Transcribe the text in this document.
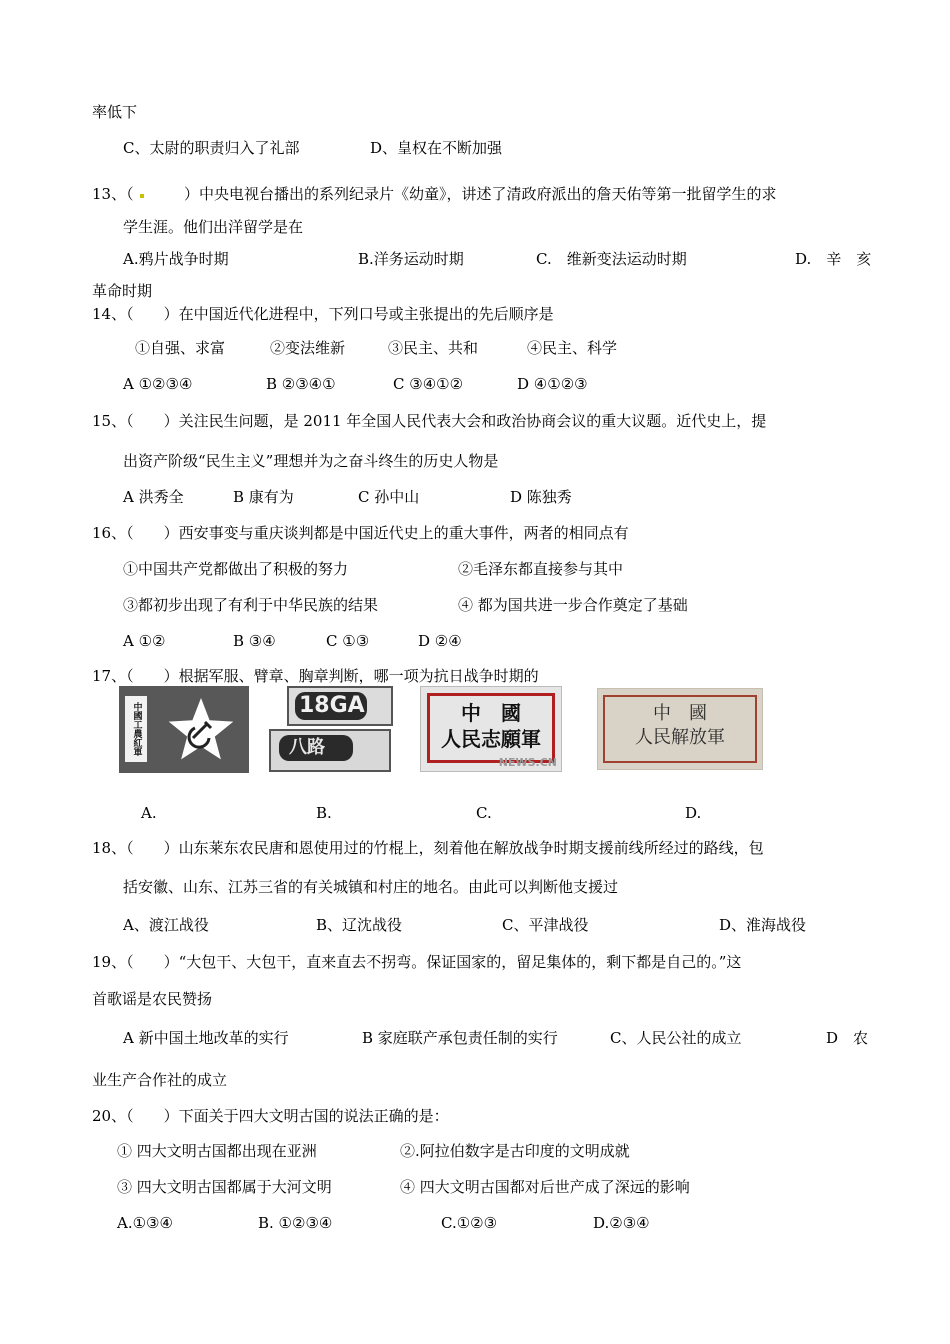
率低下
C、太尉的职责归入了礼部	D、皇权在不断加强
13、（	）中央电视台播出的系列纪录片《幼童》，讲述了清政府派出的詹天佑等第一批留学生的求
学生涯。他们出洋留学是在
A.鸦片战争时期	B.洋务运动时期	C.　维新变法运动时期	D.　辛　亥
革命时期
14、（　　）在中国近代化进程中，下列口号或主张提出的先后顺序是
①自强、求富	②变法维新	③民主、共和	④民主、科学
A ①②③④	B ②③④①	C ③④①②	D ④①②③
15、（　　）关注民生问题，是 2011 年全国人民代表大会和政治协商会议的重大议题。近代史上，提
出资产阶级“民生主义”理想并为之奋斗终生的历史人物是
A 洪秀全	B 康有为	C 孙中山	D 陈独秀
16、（　　）西安事变与重庆谈判都是中国近代史上的重大事件，两者的相同点有
①中国共产党都做出了积极的努力	②毛泽东都直接参与其中
③都初步出现了有利于中华民族的结果	④ 都为国共进一步合作奠定了基础
A ①②	B ③④	C ①③	D ②④
17、（　　）根据军服、臂章、胸章判断，哪一项为抗日战争时期的
中國工農紅軍	18GA
八路
中　國
人民志願軍
NEWS.CN
中　國
人民解放軍
A.	B.	C.	D.
18、（　　）山东莱东农民唐和恩使用过的竹棍上，刻着他在解放战争时期支援前线所经过的路线，包
括安徽、山东、江苏三省的有关城镇和村庄的地名。由此可以判断他支援过
A、渡江战役	B、辽沈战役	C、平津战役	D、淮海战役
19、（　　）“大包干、大包干，直来直去不拐弯。保证国家的，留足集体的，剩下都是自己的。”这
首歌谣是农民赞扬
A 新中国土地改革的实行	B 家庭联产承包责任制的实行	C、人民公社的成立	D　农
业生产合作社的成立
20、（　　）下面关于四大文明古国的说法正确的是：
① 四大文明古国都出现在亚洲	②.阿拉伯数字是古印度的文明成就
③ 四大文明古国都属于大河文明	④ 四大文明古国都对后世产成了深远的影响
A.①③④	B. ①②③④	C.①②③	D.②③④
